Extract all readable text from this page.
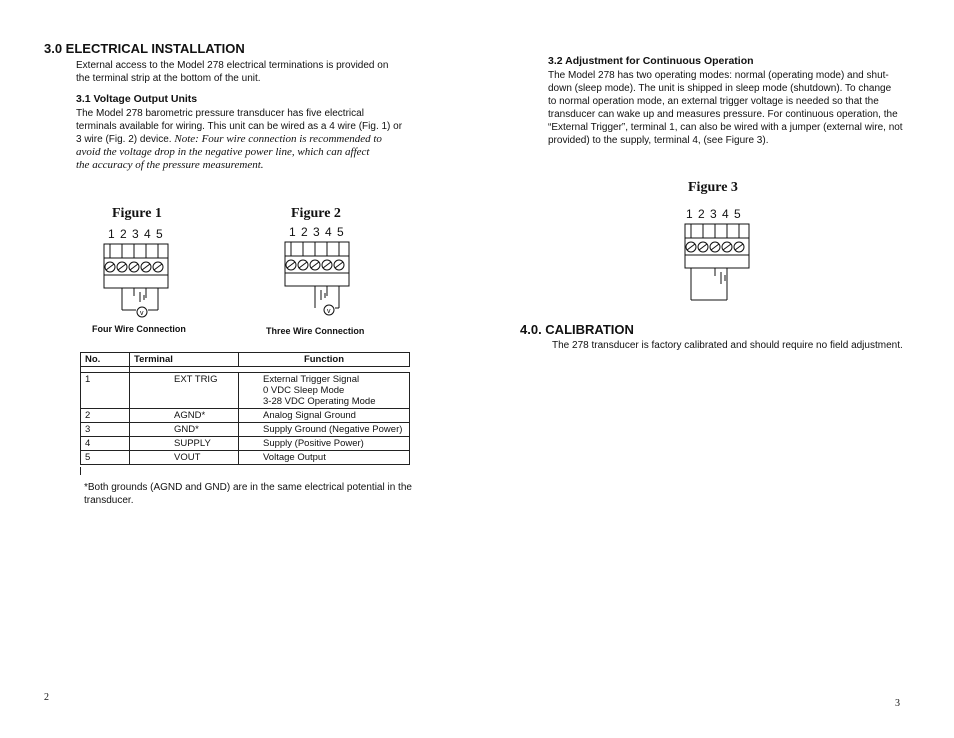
3.0 ELECTRICAL INSTALLATION
External access to the Model 278 electrical terminations is provided on
the terminal strip at the bottom of the unit.
3.1 Voltage Output Units
The Model 278 barometric pressure transducer has five electrical
terminals available for wiring. This unit can be wired as a 4 wire (Fig. 1) or
3 wire (Fig. 2) device. Note: Four wire connection is recommended to
avoid the voltage drop in the negative power line, which can affect
the accuracy of the pressure measurement.
Figure 1
1 2 3 4 5
v
Four Wire Connection
Figure 2
1 2 3 4 5
v
Three Wire Connection
No.	Terminal	Function

1	EXT TRIG	External Trigger Signal
0 VDC Sleep Mode
3-28 VDC Operating Mode

2	AGND*	Analog Signal Ground
3	GND*	Supply Ground (Negative Power)
4	SUPPLY	Supply (Positive Power)
5	VOUT	Voltage Output
*Both grounds (AGND and GND) are in the same electrical potential in the
transducer.
2
3.2 Adjustment for Continuous Operation
The Model 278 has two operating modes: normal (operating mode) and shut-
down (sleep mode). The unit is shipped in sleep mode (shutdown). To change
to normal operation mode, an external trigger voltage is needed so that the
transducer can wake up and measures pressure. For continuous operation, the
“External Trigger”, terminal 1, can also be wired with a jumper (external wire, not
provided) to the supply, terminal 4, (see Figure 3).
Figure 3
1 2 3 4 5
4.0. CALIBRATION
The 278 transducer is factory calibrated and should require no field adjustment.
3
